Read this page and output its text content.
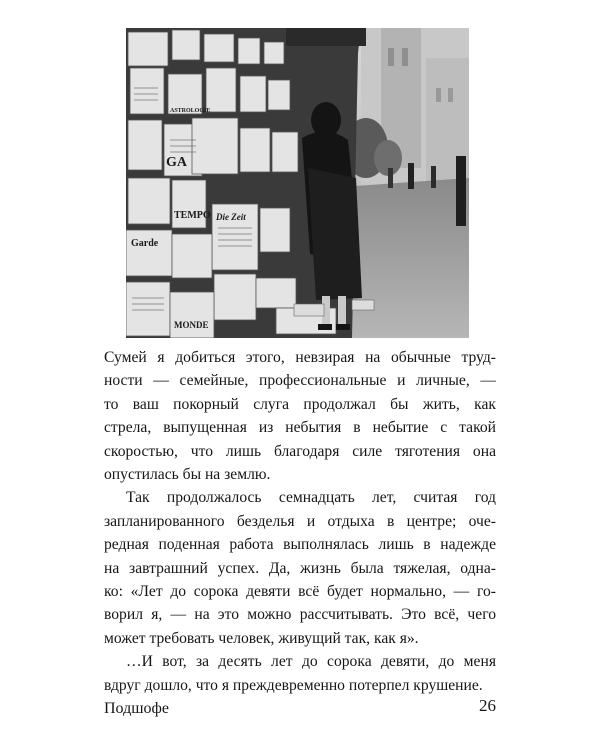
Garde
TEMPO Die Zeit
MONDE
ASTROLOGIE
GA
Сумей я добиться этого, невзирая на обычные труд-
ности — семейные, профессиональные и личные, —
то ваш покорный слуга продолжал бы жить, как
стрела, выпущенная из небытия в небытие с такой
скоростью, что лишь благодаря силе тяготения она
опустилась бы на землю.
Так продолжалось семнадцать лет, считая год
запланированного безделья и отдыха в центре; оче-
редная поденная работа выполнялась лишь в надежде
на завтрашний успех. Да, жизнь была тяжелая, одна-
ко: «Лет до сорока девяти всё будет нормально, — го-
ворил я, — на это можно рассчитывать. Это всё, чего
может требовать человек, живущий так, как я».
…И вот, за десять лет до сорока девяти, до меня
вдруг дошло, что я преждевременно потерпел крушение.
Подшофе	26
